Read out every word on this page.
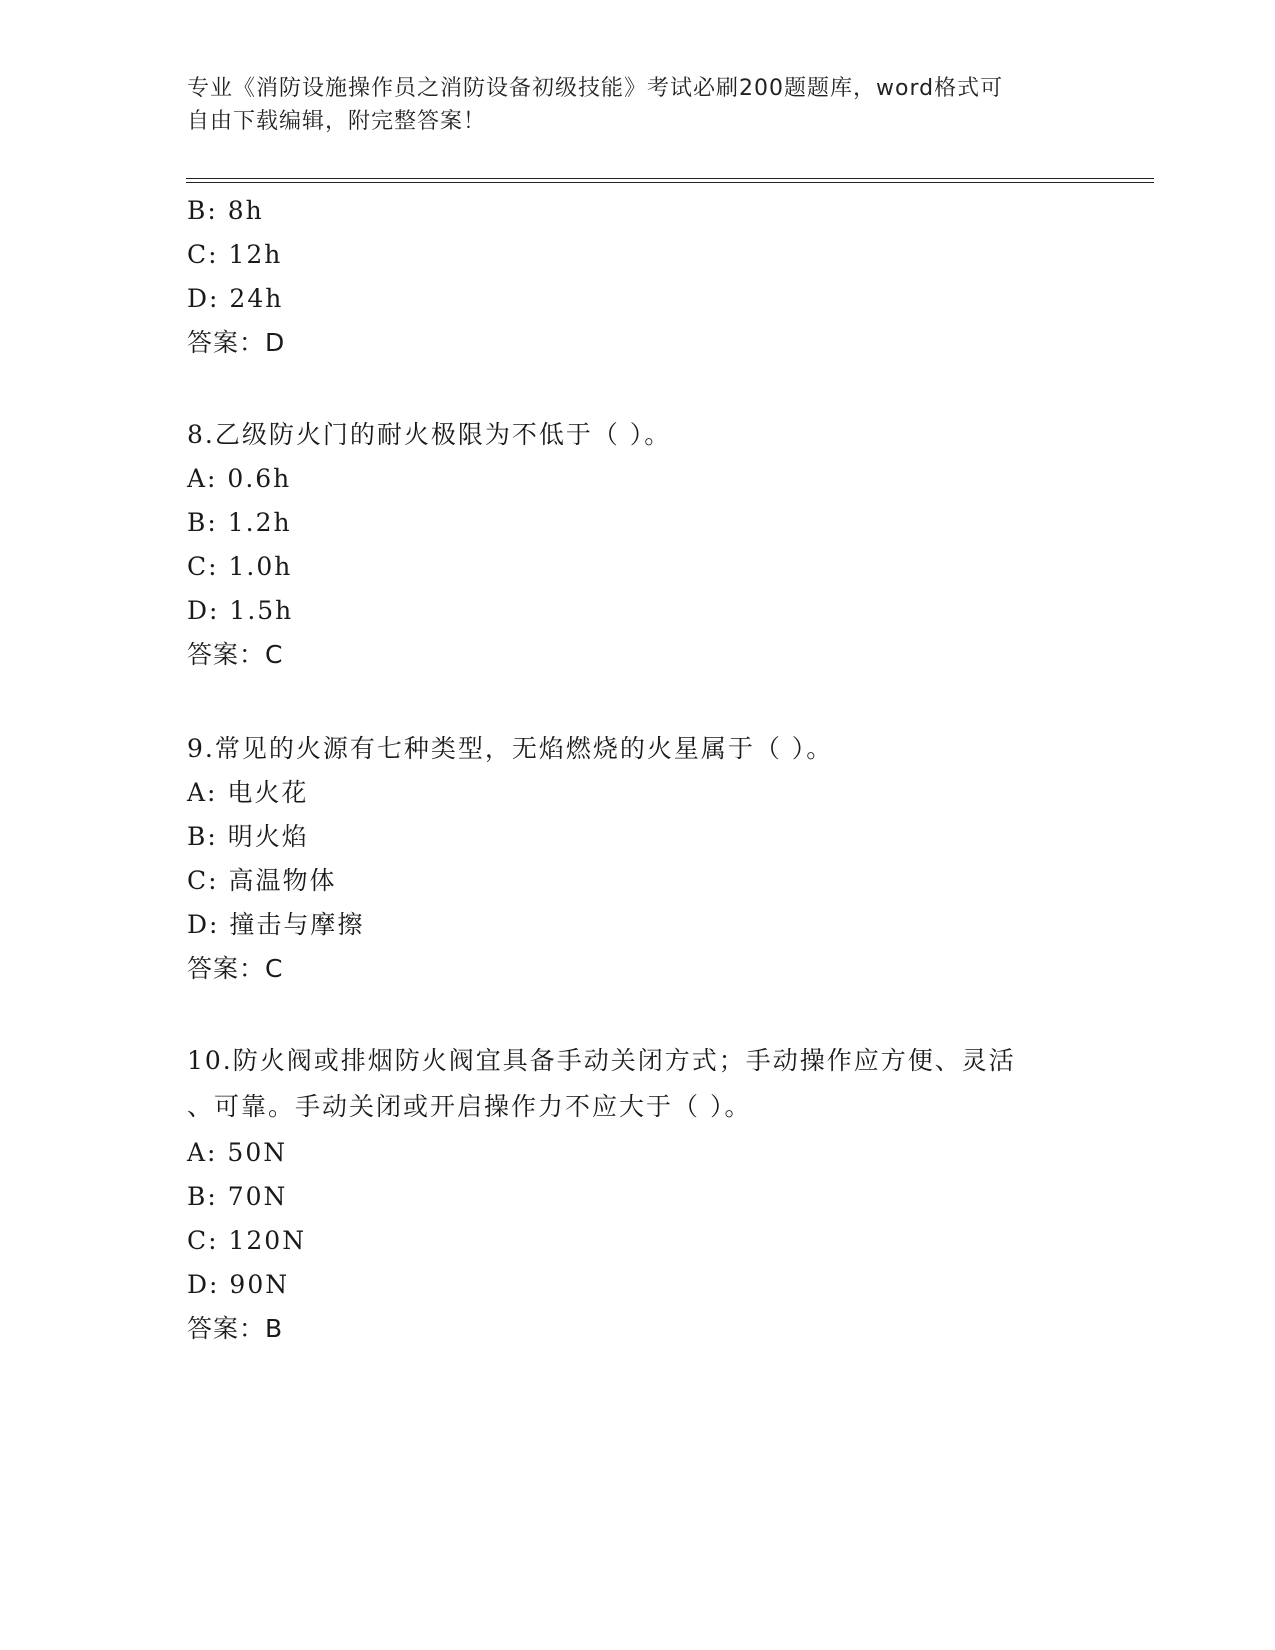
专业《消防设施操作员之消防设备初级技能》考试必刷200题题库，word格式可
自由下载编辑，附完整答案！
B: 8h
C: 12h
D: 24h
答案：D
8.乙级防火门的耐火极限为不低于（ ）。
A: 0.6h
B: 1.2h
C: 1.0h
D: 1.5h
答案：C
9.常见的火源有七种类型，无焰燃烧的火星属于（ ）。
A: 电火花
B: 明火焰
C: 高温物体
D: 撞击与摩擦
答案：C
10.防火阀或排烟防火阀宜具备手动关闭方式；手动操作应方便、灵活
、可靠。手动关闭或开启操作力不应大于（ ）。
A: 50N
B: 70N
C: 120N
D: 90N
答案：B
